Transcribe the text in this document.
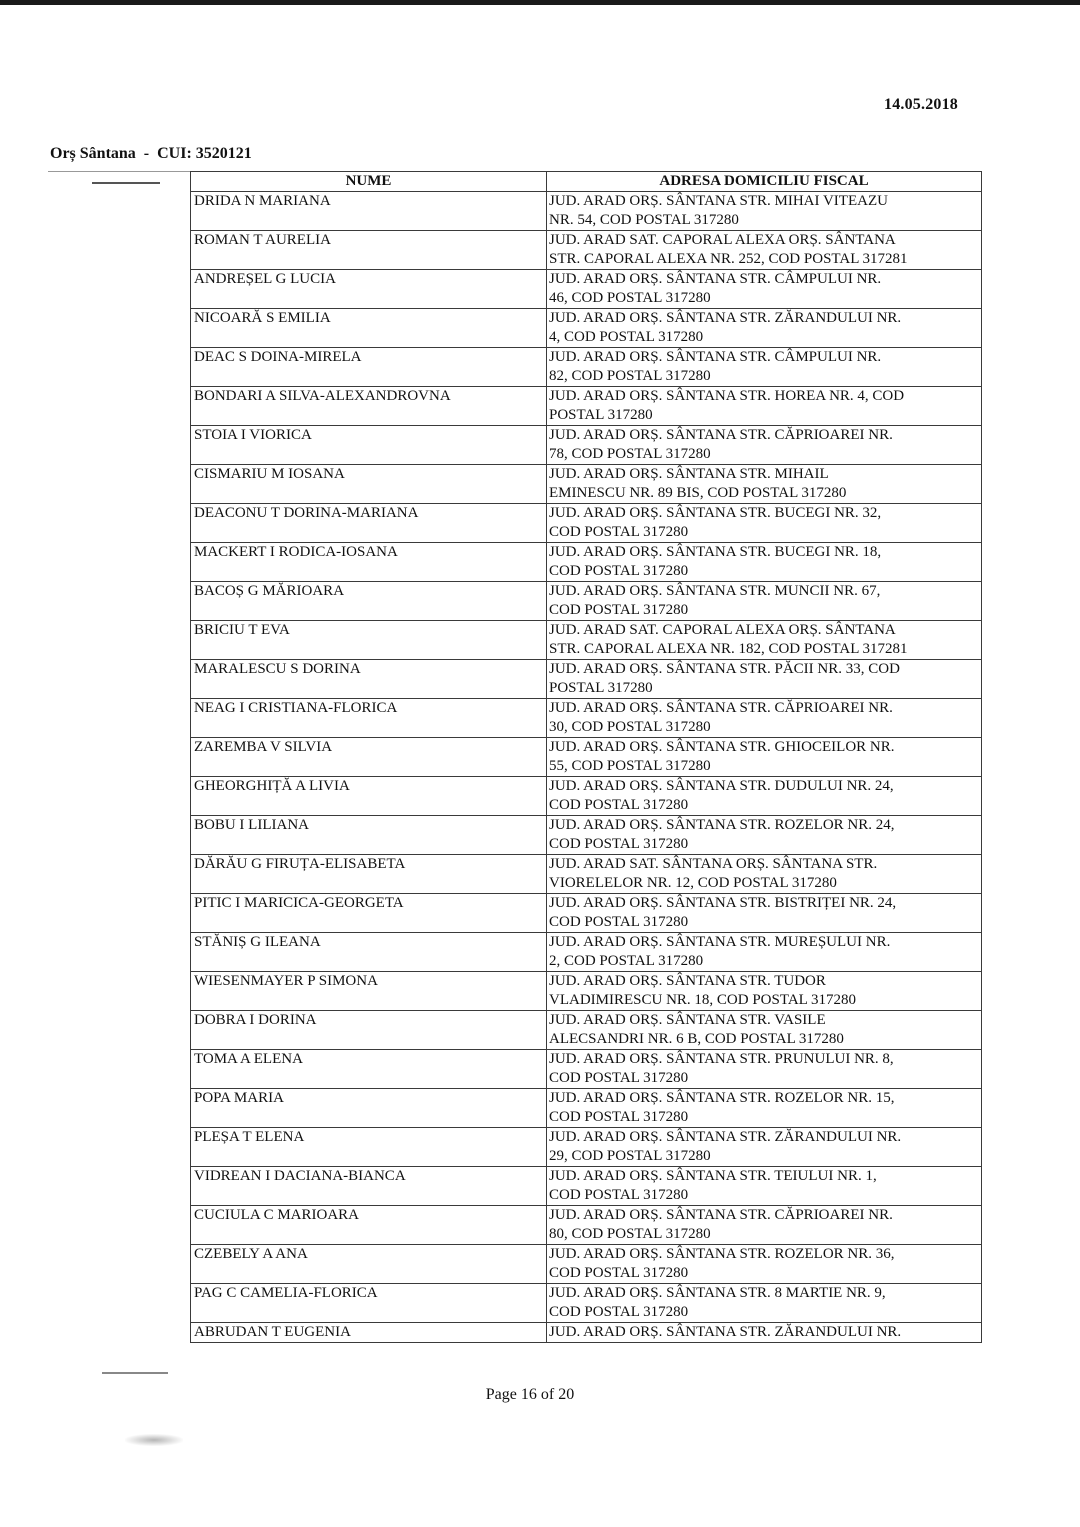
14.05.2018
Orș Sântana  -  CUI: 3520121
NUME	ADRESA DOMICILIU FISCAL

DRIDA N MARIANA	JUD. ARAD ORȘ. SÂNTANA STR. MIHAI VITEAZU
NR. 54, COD POSTAL 317280

ROMAN T AURELIA	JUD. ARAD SAT. CAPORAL ALEXA ORȘ. SÂNTANA
STR. CAPORAL ALEXA NR. 252, COD POSTAL 317281

ANDREȘEL G LUCIA	JUD. ARAD ORȘ. SÂNTANA STR. CÂMPULUI NR.
46, COD POSTAL 317280

NICOARĂ S EMILIA	JUD. ARAD ORȘ. SÂNTANA STR. ZĂRANDULUI NR.
4, COD POSTAL 317280

DEAC S DOINA-MIRELA	JUD. ARAD ORȘ. SÂNTANA STR. CÂMPULUI NR.
82, COD POSTAL 317280

BONDARI A SILVA-ALEXANDROVNA	JUD. ARAD ORȘ. SÂNTANA STR. HOREA NR. 4, COD
POSTAL 317280

STOIA I VIORICA	JUD. ARAD ORȘ. SÂNTANA STR. CĂPRIOAREI NR.
78, COD POSTAL 317280

CISMARIU M IOSANA	JUD. ARAD ORȘ. SÂNTANA STR. MIHAIL
EMINESCU NR. 89 BIS, COD POSTAL 317280

DEACONU T DORINA-MARIANA	JUD. ARAD ORȘ. SÂNTANA STR. BUCEGI NR. 32,
COD POSTAL 317280

MACKERT I RODICA-IOSANA	JUD. ARAD ORȘ. SÂNTANA STR. BUCEGI NR. 18,
COD POSTAL 317280

BACOȘ G MĂRIOARA	JUD. ARAD ORȘ. SÂNTANA STR. MUNCII NR. 67,
COD POSTAL 317280

BRICIU T EVA	JUD. ARAD SAT. CAPORAL ALEXA ORȘ. SÂNTANA
STR. CAPORAL ALEXA NR. 182, COD POSTAL 317281

MARALESCU S DORINA	JUD. ARAD ORȘ. SÂNTANA STR. PĂCII NR. 33, COD
POSTAL 317280

NEAG I CRISTIANA-FLORICA	JUD. ARAD ORȘ. SÂNTANA STR. CĂPRIOAREI NR.
30, COD POSTAL 317280

ZAREMBA V SILVIA	JUD. ARAD ORȘ. SÂNTANA STR. GHIOCEILOR NR.
55, COD POSTAL 317280

GHEORGHIȚĂ A LIVIA	JUD. ARAD ORȘ. SÂNTANA STR. DUDULUI NR. 24,
COD POSTAL 317280

BOBU I LILIANA	JUD. ARAD ORȘ. SÂNTANA STR. ROZELOR NR. 24,
COD POSTAL 317280

DĂRĂU G FIRUȚA-ELISABETA	JUD. ARAD SAT. SÂNTANA ORȘ. SÂNTANA STR.
VIORELELOR NR. 12, COD POSTAL 317280

PITIC I MARICICA-GEORGETA	JUD. ARAD ORȘ. SÂNTANA STR. BISTRIȚEI NR. 24,
COD POSTAL 317280

STĂNIȘ G ILEANA	JUD. ARAD ORȘ. SÂNTANA STR. MUREȘULUI NR.
2, COD POSTAL 317280

WIESENMAYER P SIMONA	JUD. ARAD ORȘ. SÂNTANA STR. TUDOR
VLADIMIRESCU NR. 18, COD POSTAL 317280

DOBRA I DORINA	JUD. ARAD ORȘ. SÂNTANA STR. VASILE
ALECSANDRI NR. 6 B, COD POSTAL 317280

TOMA A ELENA	JUD. ARAD ORȘ. SÂNTANA STR. PRUNULUI NR. 8,
COD POSTAL 317280

POPA MARIA	JUD. ARAD ORȘ. SÂNTANA STR. ROZELOR NR. 15,
COD POSTAL 317280

PLEȘA T ELENA	JUD. ARAD ORȘ. SÂNTANA STR. ZĂRANDULUI NR.
29, COD POSTAL 317280

VIDREAN I DACIANA-BIANCA	JUD. ARAD ORȘ. SÂNTANA STR. TEIULUI NR. 1,
COD POSTAL 317280

CUCIULA C MARIOARA	JUD. ARAD ORȘ. SÂNTANA STR. CĂPRIOAREI NR.
80, COD POSTAL 317280

CZEBELY A ANA	JUD. ARAD ORȘ. SÂNTANA STR. ROZELOR NR. 36,
COD POSTAL 317280

PAG C CAMELIA-FLORICA	JUD. ARAD ORȘ. SÂNTANA STR. 8 MARTIE NR. 9,
COD POSTAL 317280

ABRUDAN T EUGENIA	JUD. ARAD ORȘ. SÂNTANA STR. ZĂRANDULUI NR.
Page 16 of 20
